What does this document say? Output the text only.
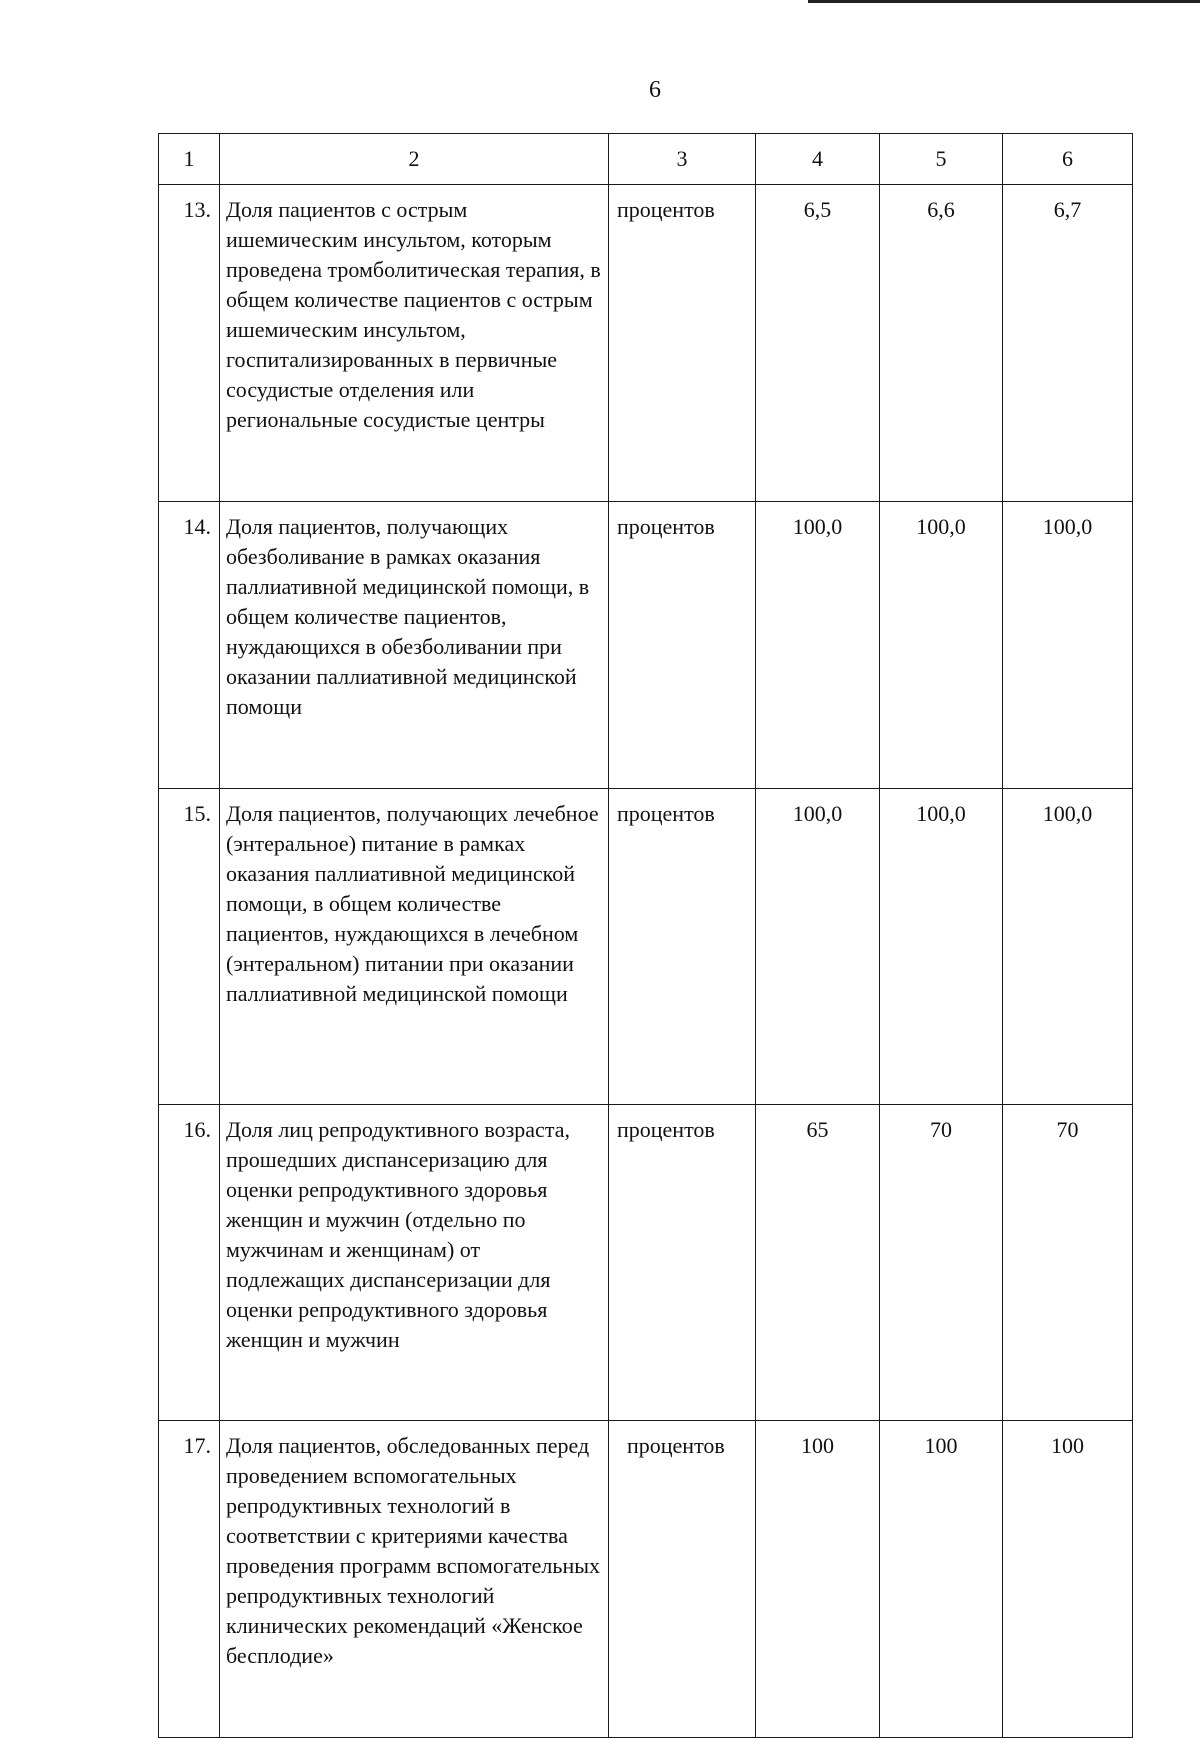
6
1	2	3	4	5	6
13.	Доля пациентов с острым ишемическим инсультом, которым проведена тромболитическая терапия, в общем количестве пациентов с острым ишемическим инсультом, госпитализированных в первичные сосудистые отделения или региональные сосудистые центры	процентов	6,5	6,6	6,7
14.	Доля пациентов, получающих обезболивание в рамках оказания паллиативной медицинской помощи, в общем количестве пациентов, нуждающихся в обезболивании при оказании паллиативной медицинской помощи	процентов	100,0	100,0	100,0
15.	Доля пациентов, получающих лечебное (энтеральное) питание в рамках оказания паллиативной медицинской помощи, в общем количестве пациентов, нуждающихся в лечебном (энтеральном) питании при оказании паллиативной медицинской помощи	процентов	100,0	100,0	100,0
16.	Доля лиц репродуктивного возраста, прошедших диспансеризацию для оценки репродуктивного здоровья женщин и мужчин (отдельно по мужчинам и женщинам) от подлежащих диспансеризации для оценки репродуктивного здоровья женщин и мужчин	процентов	65	70	70
17.	Доля пациентов, обследованных перед проведением вспомогательных репродуктивных технологий в соответствии с критериями качества проведения программ вспомогательных репродуктивных технологий клинических рекомендаций «Женское бесплодие»	процентов	100	100	100
